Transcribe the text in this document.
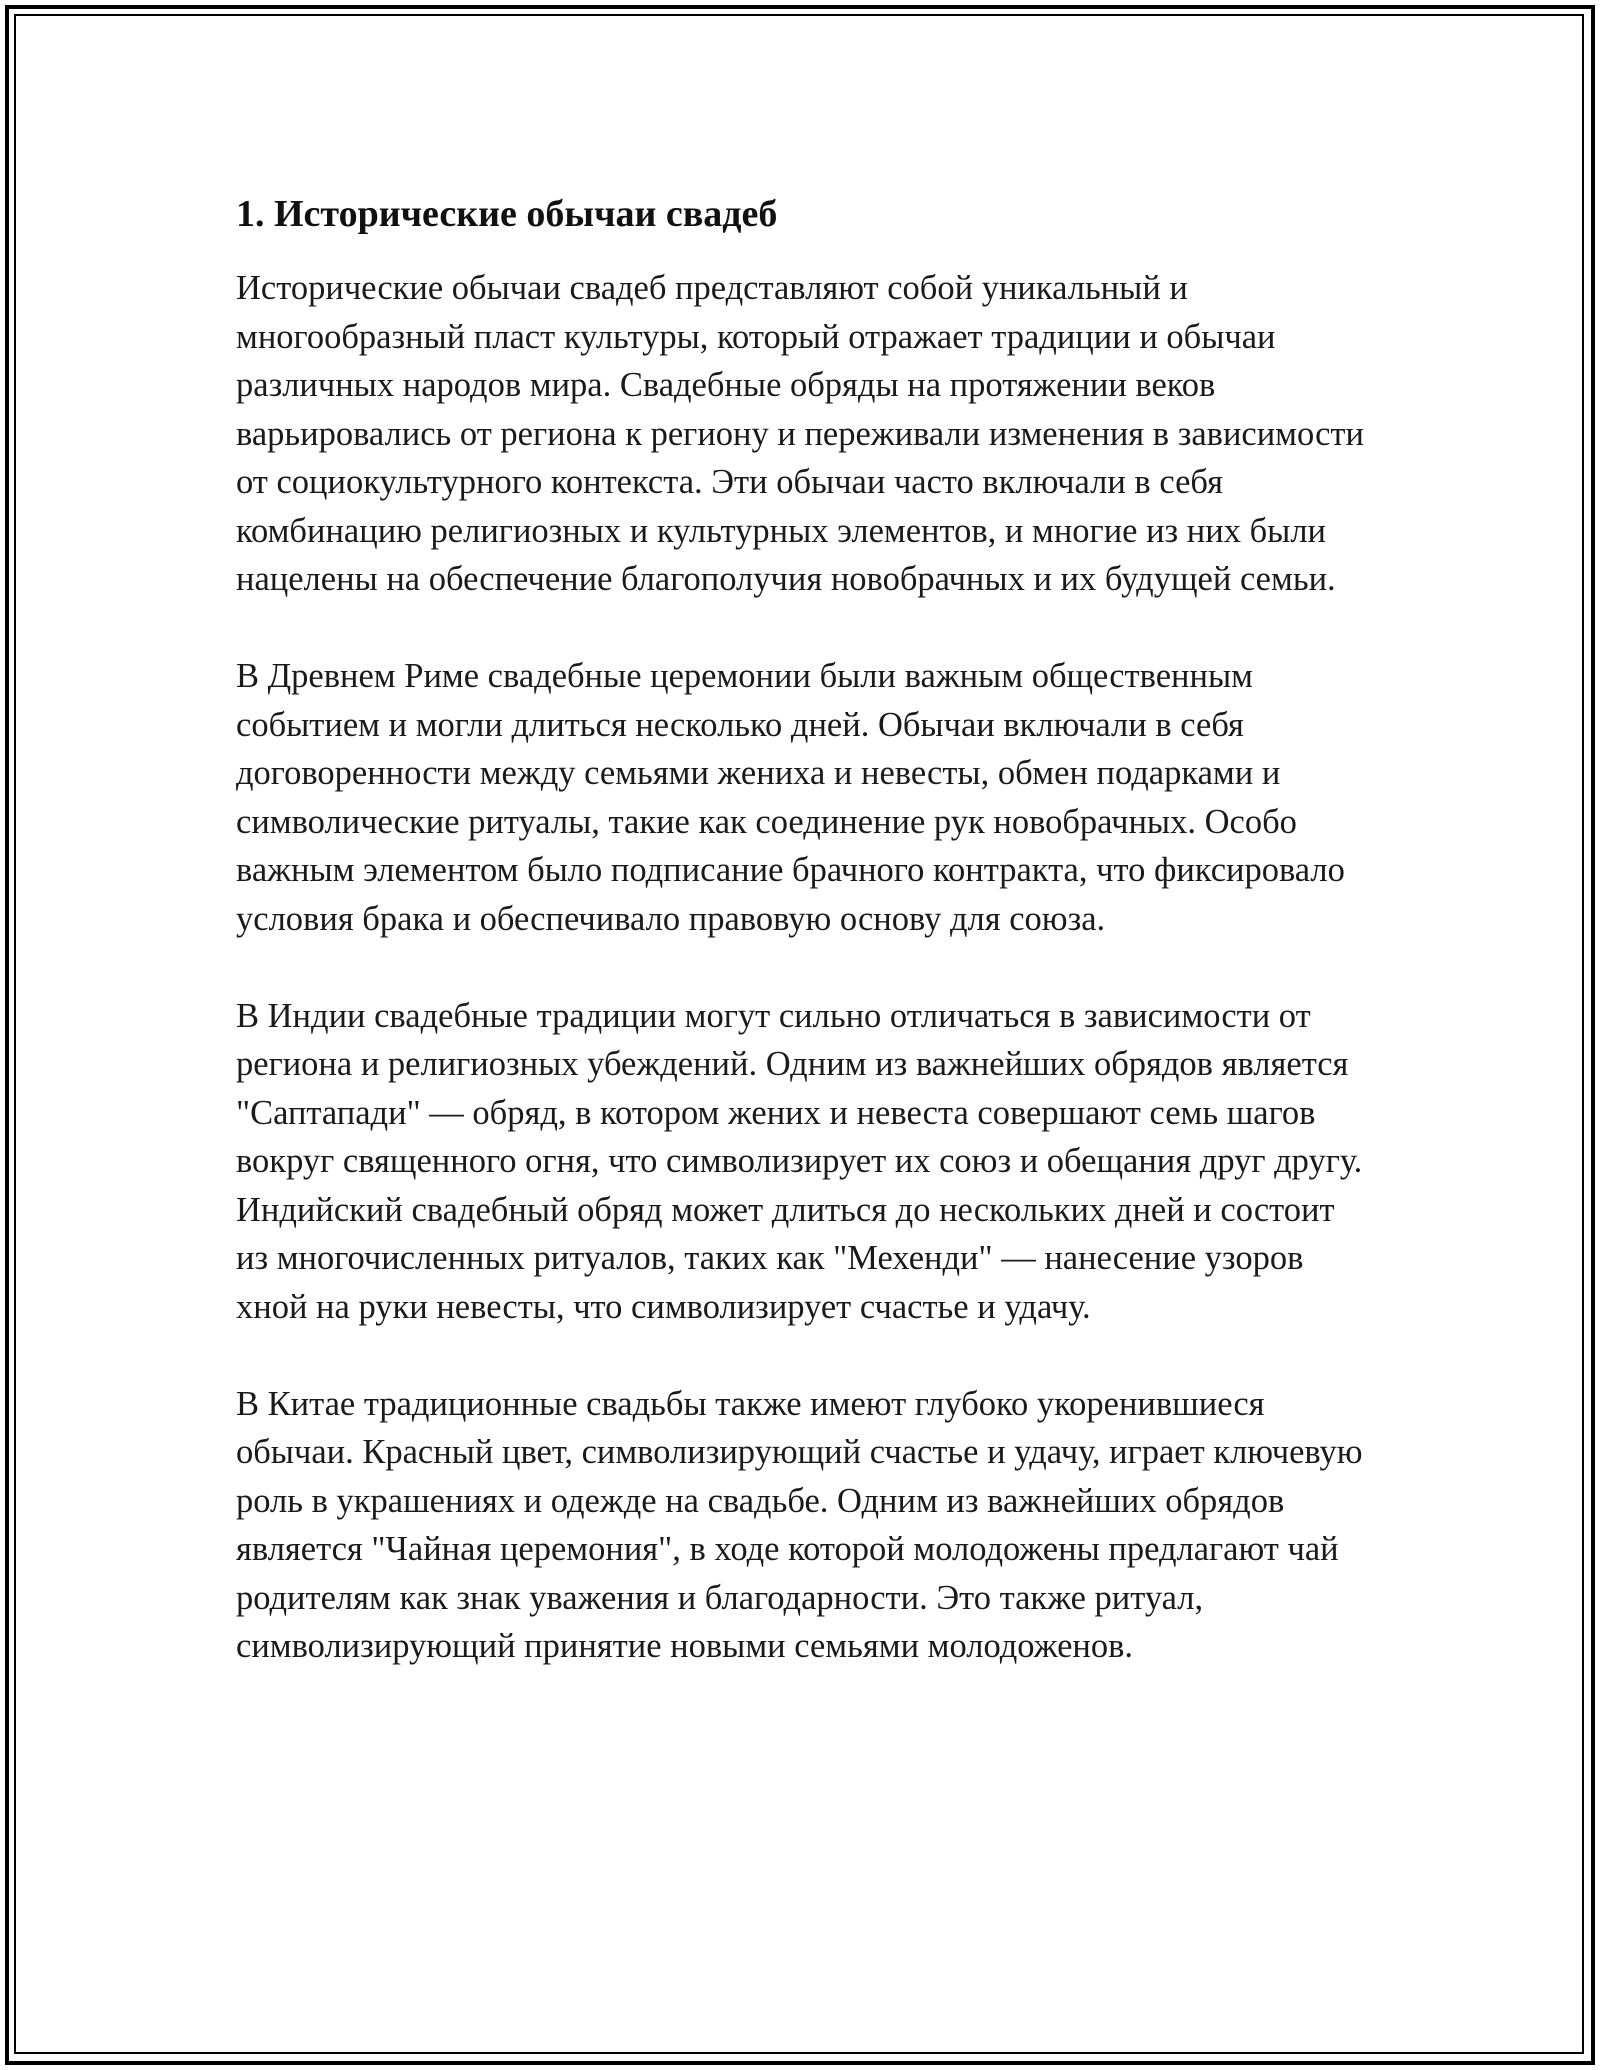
1. Исторические обычаи свадеб

Исторические обычаи свадеб представляют собой уникальный и многообразный пласт культуры, который отражает традиции и обычаи различных народов мира. Свадебные обряды на протяжении веков варьировались от региона к региону и переживали изменения в зависимости от социокультурного контекста. Эти обычаи часто включали в себя комбинацию религиозных и культурных элементов, и многие из них были нацелены на обеспечение благополучия новобрачных и их будущей семьи.

В Древнем Риме свадебные церемонии были важным общественным событием и могли длиться несколько дней. Обычаи включали в себя договоренности между семьями жениха и невесты, обмен подарками и символические ритуалы, такие как соединение рук новобрачных. Особо важным элементом было подписание брачного контракта, что фиксировало условия брака и обеспечивало правовую основу для союза.

В Индии свадебные традиции могут сильно отличаться в зависимости от региона и религиозных убеждений. Одним из важнейших обрядов является "Саптапади" — обряд, в котором жених и невеста совершают семь шагов вокруг священного огня, что символизирует их союз и обещания друг другу. Индийский свадебный обряд может длиться до нескольких дней и состоит из многочисленных ритуалов, таких как "Мехенди" — нанесение узоров хной на руки невесты, что символизирует счастье и удачу.

В Китае традиционные свадьбы также имеют глубоко укоренившиеся обычаи. Красный цвет, символизирующий счастье и удачу, играет ключевую роль в украшениях и одежде на свадьбе. Одним из важнейших обрядов является "Чайная церемония", в ходе которой молодожены предлагают чай родителям как знак уважения и благодарности. Это также ритуал, символизирующий принятие новыми семьями молодоженов.
